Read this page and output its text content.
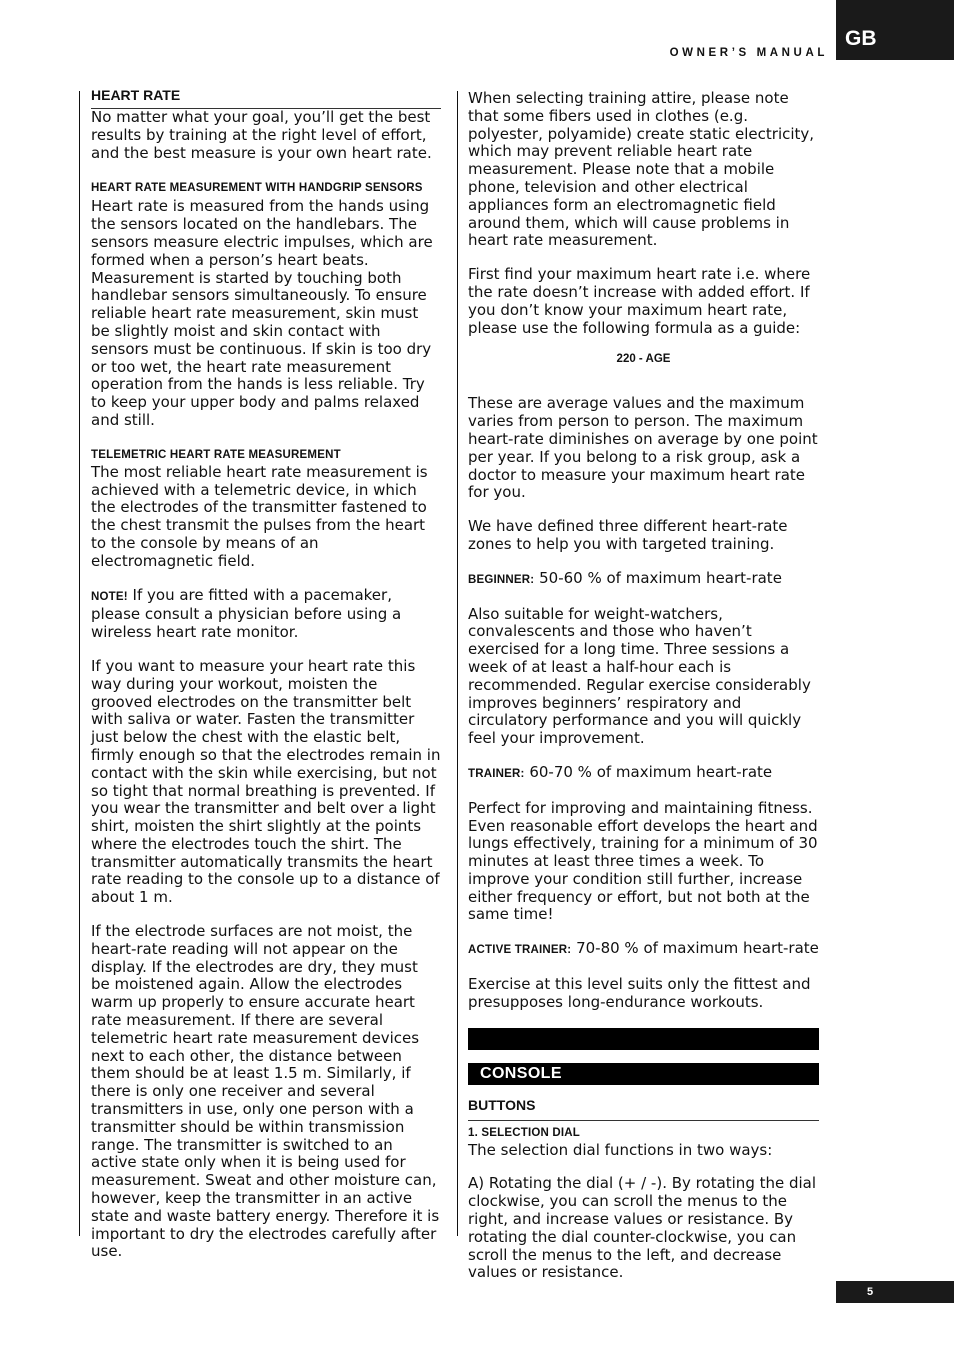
GB
OWNER’S MANUAL

HEART RATE

No matter what your goal, you’ll get the best results by training at the right level of effort, and the best measure is your own heart rate.

HEART RATE MEASUREMENT WITH HANDGRIP SENSORS

Heart rate is measured from the hands using the sensors located on the handlebars. The sensors measure electric impulses, which are formed when a person’s heart beats. Measurement is started by touching both handlebar sensors simultaneously. To ensure reliable heart rate measurement, skin must be slightly moist and skin contact with sensors must be continuous. If skin is too dry or too wet, the heart rate measurement operation from the hands is less reliable. Try to keep your upper body and palms relaxed and still.

TELEMETRIC HEART RATE MEASUREMENT

The most reliable heart rate measurement is achieved with a telemetric device, in which the electrodes of the transmitter fastened to the chest transmit the pulses from the heart to the console by means of an electromagnetic field.

NOTE! If you are fitted with a pacemaker, please consult a physician before using a wireless heart rate monitor.

If you want to measure your heart rate this way during your workout, moisten the grooved electrodes on the transmitter belt with saliva or water. Fasten the transmitter just below the chest with the elastic belt, firmly enough so that the electrodes remain in contact with the skin while exercising, but not so tight that normal breathing is prevented. If you wear the transmitter and belt over a light shirt, moisten the shirt slightly at the points where the electrodes touch the shirt. The transmitter automatically transmits the heart rate reading to the console up to a distance of about 1 m.

If the electrode surfaces are not moist, the heart-rate reading will not appear on the display. If the electrodes are dry, they must be moistened again. Allow the electrodes warm up properly to ensure accurate heart rate measurement. If there are several telemetric heart rate measurement devices next to each other, the distance between them should be at least 1.5 m. Similarly, if there is only one receiver and several transmitters in use, only one person with a transmitter should be within transmission range. The transmitter is switched to an active state only when it is being used for measurement. Sweat and other moisture can, however, keep the transmitter in an active state and waste battery energy. Therefore it is important to dry the electrodes carefully after use.

When selecting training attire, please note that some fibers used in clothes (e.g. polyester, polyamide) create static electricity, which may prevent reliable heart rate measurement. Please note that a mobile phone, television and other electrical appliances form an electromagnetic field around them, which will cause problems in heart rate measurement.

First find your maximum heart rate i.e. where the rate doesn’t increase with added effort. If you don’t know your maximum heart rate, please use the following formula as a guide:

220 - AGE

These are average values and the maximum varies from person to person. The maximum heart-rate diminishes on average by one point per year. If you belong to a risk group, ask a doctor to measure your maximum heart rate for you.

We have defined three different heart-rate zones to help you with targeted training.

BEGINNER: 50-60 % of maximum heart-rate

Also suitable for weight-watchers, convalescents and those who haven’t exercised for a long time. Three sessions a week of at least a half-hour each is recommended. Regular exercise considerably improves beginners’ respiratory and circulatory performance and you will quickly feel your improvement.

TRAINER: 60-70 % of maximum heart-rate

Perfect for improving and maintaining fitness. Even reasonable effort develops the heart and lungs effectively, training for a minimum of 30 minutes at least three times a week. To improve your condition still further, increase either frequency or effort, but not both at the same time!

ACTIVE TRAINER: 70-80 % of maximum heart-rate

Exercise at this level suits only the fittest and presupposes long-endurance workouts.

CONSOLE

BUTTONS

1. SELECTION DIAL

The selection dial functions in two ways:

A) Rotating the dial (+ / -). By rotating the dial clockwise, you can scroll the menus to the right, and increase values or resistance. By rotating the dial counter-clockwise, you can scroll the menus to the left, and decrease values or resistance.

5
